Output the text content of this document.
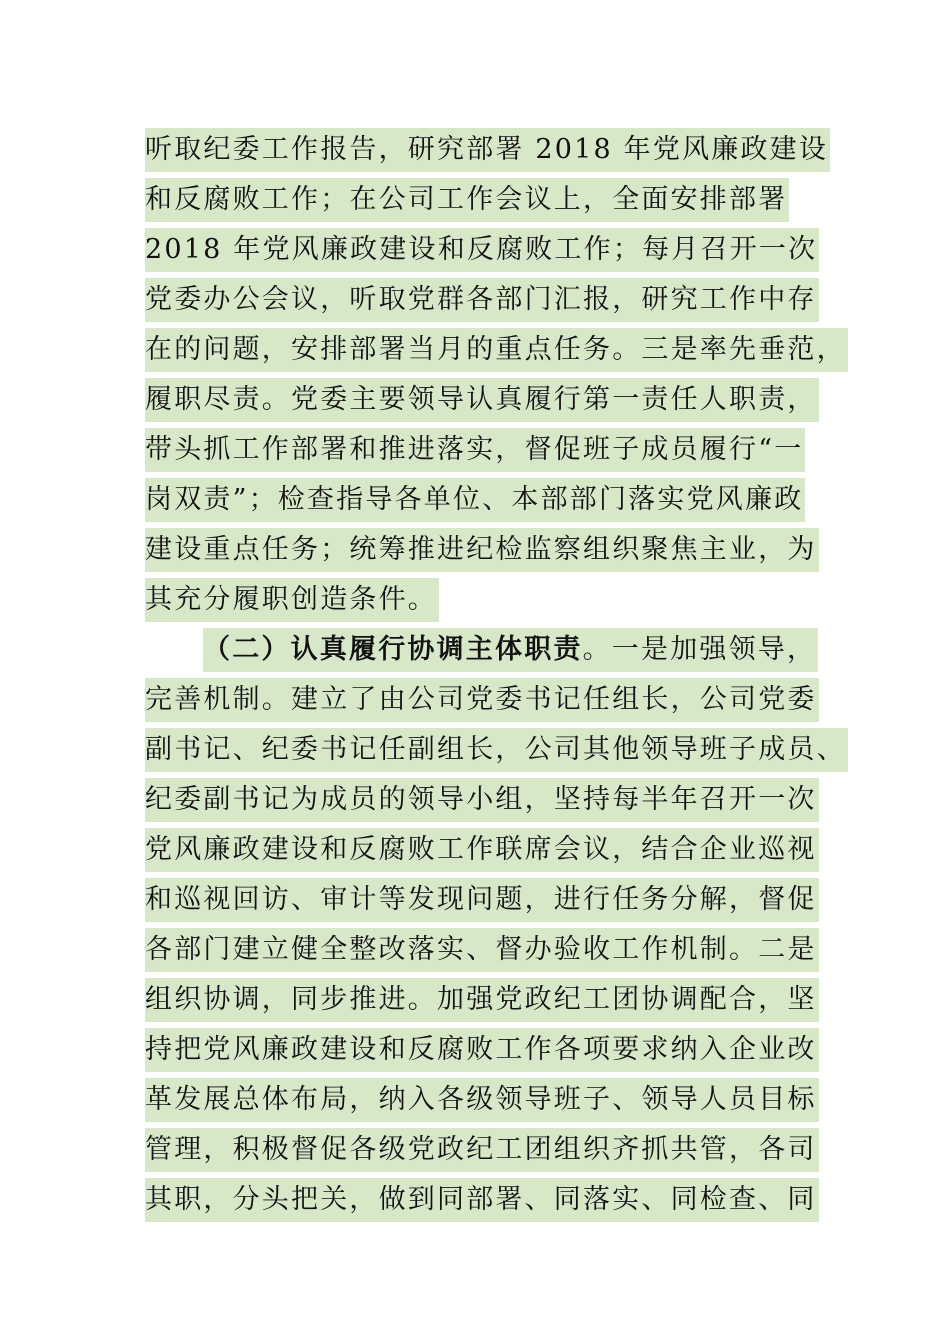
听取纪委工作报告，研究部署 2018 年党风廉政建设
和反腐败工作；在公司工作会议上，全面安排部署
2018 年党风廉政建设和反腐败工作；每月召开一次
党委办公会议，听取党群各部门汇报，研究工作中存
在的问题，安排部署当月的重点任务。三是率先垂范，
履职尽责。党委主要领导认真履行第一责任人职责，
带头抓工作部署和推进落实，督促班子成员履行“一
岗双责”；检查指导各单位、本部部门落实党风廉政
建设重点任务；统筹推进纪检监察组织聚焦主业，为
其充分履职创造条件。
（二）认真履行协调主体职责。一是加强领导，
完善机制。建立了由公司党委书记任组长，公司党委
副书记、纪委书记任副组长，公司其他领导班子成员、
纪委副书记为成员的领导小组，坚持每半年召开一次
党风廉政建设和反腐败工作联席会议，结合企业巡视
和巡视回访、审计等发现问题，进行任务分解，督促
各部门建立健全整改落实、督办验收工作机制。二是
组织协调，同步推进。加强党政纪工团协调配合，坚
持把党风廉政建设和反腐败工作各项要求纳入企业改
革发展总体布局，纳入各级领导班子、领导人员目标
管理，积极督促各级党政纪工团组织齐抓共管，各司
其职，分头把关，做到同部署、同落实、同检查、同
